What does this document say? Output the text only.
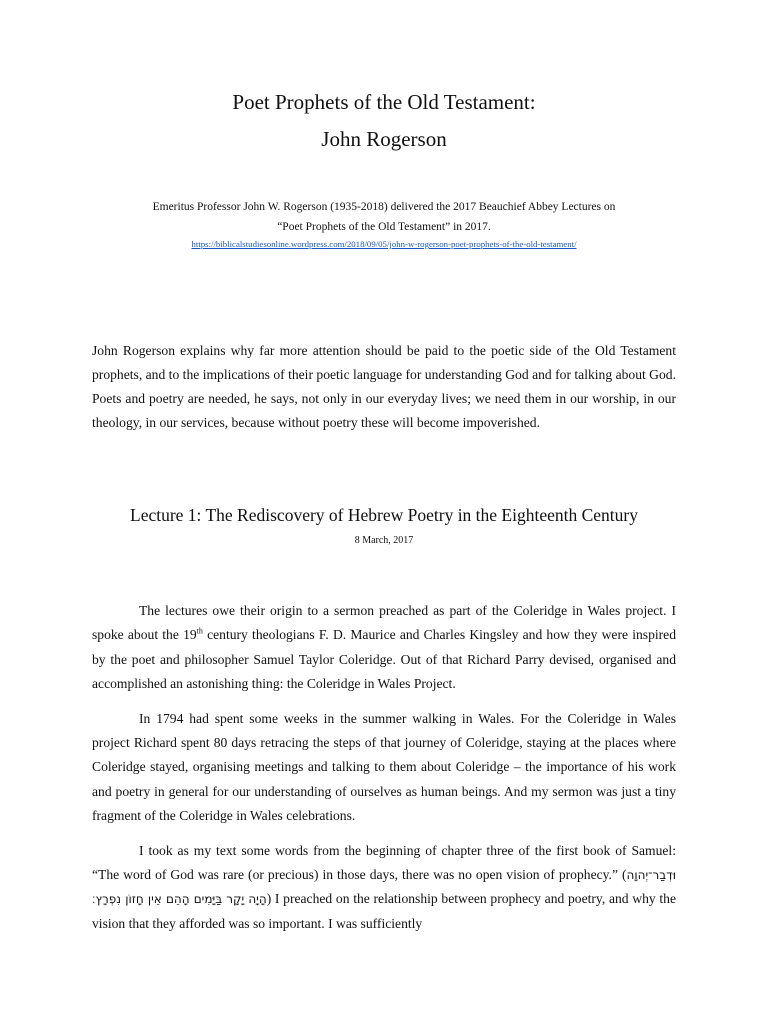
Poet Prophets of the Old Testament:
John Rogerson

Emeritus Professor John W. Rogerson (1935-2018) delivered the 2017 Beauchief Abbey Lectures on

“Poet Prophets of the Old Testament” in 2017.

https://biblicalstudiesonline.wordpress.com/2018/09/05/john-w-rogerson-poet-prophets-of-the-old-testament/

John Rogerson explains why far more attention should be paid to the poetic side of the Old Testament prophets, and to the implications of their poetic language for understanding God and for talking about God. Poets and poetry are needed, he says, not only in our everyday lives; we need them in our worship, in our theology, in our services, because without poetry these will become impoverished.

Lecture 1: The Rediscovery of Hebrew Poetry in the Eighteenth Century
8 March, 2017

The lectures owe their origin to a sermon preached as part of the Coleridge in Wales project. I spoke about the 19th century theologians F. D. Maurice and Charles Kingsley and how they were inspired by the poet and philosopher Samuel Taylor Coleridge. Out of that Richard Parry devised, organised and accomplished an astonishing thing: the Coleridge in Wales Project.

In 1794 had spent some weeks in the summer walking in Wales. For the Coleridge in Wales project Richard spent 80 days retracing the steps of that journey of Coleridge, staying at the places where Coleridge stayed, organising meetings and talking to them about Coleridge – the importance of his work and poetry in general for our understanding of ourselves as human beings. And my sermon was just a tiny fragment of the Coleridge in Wales celebrations.

I took as my text some words from the beginning of chapter three of the first book of Samuel: “The word of God was rare (or precious) in those days, there was no open vision of prophecy.” (וּדְבַר־יְהוָה הָיָה יָקָר בַּיָּמִים הָהֵם אֵין חָזוֹן נִפְרָץ׃) I preached on the relationship between prophecy and poetry, and why the vision that they afforded was so important. I was sufficiently
